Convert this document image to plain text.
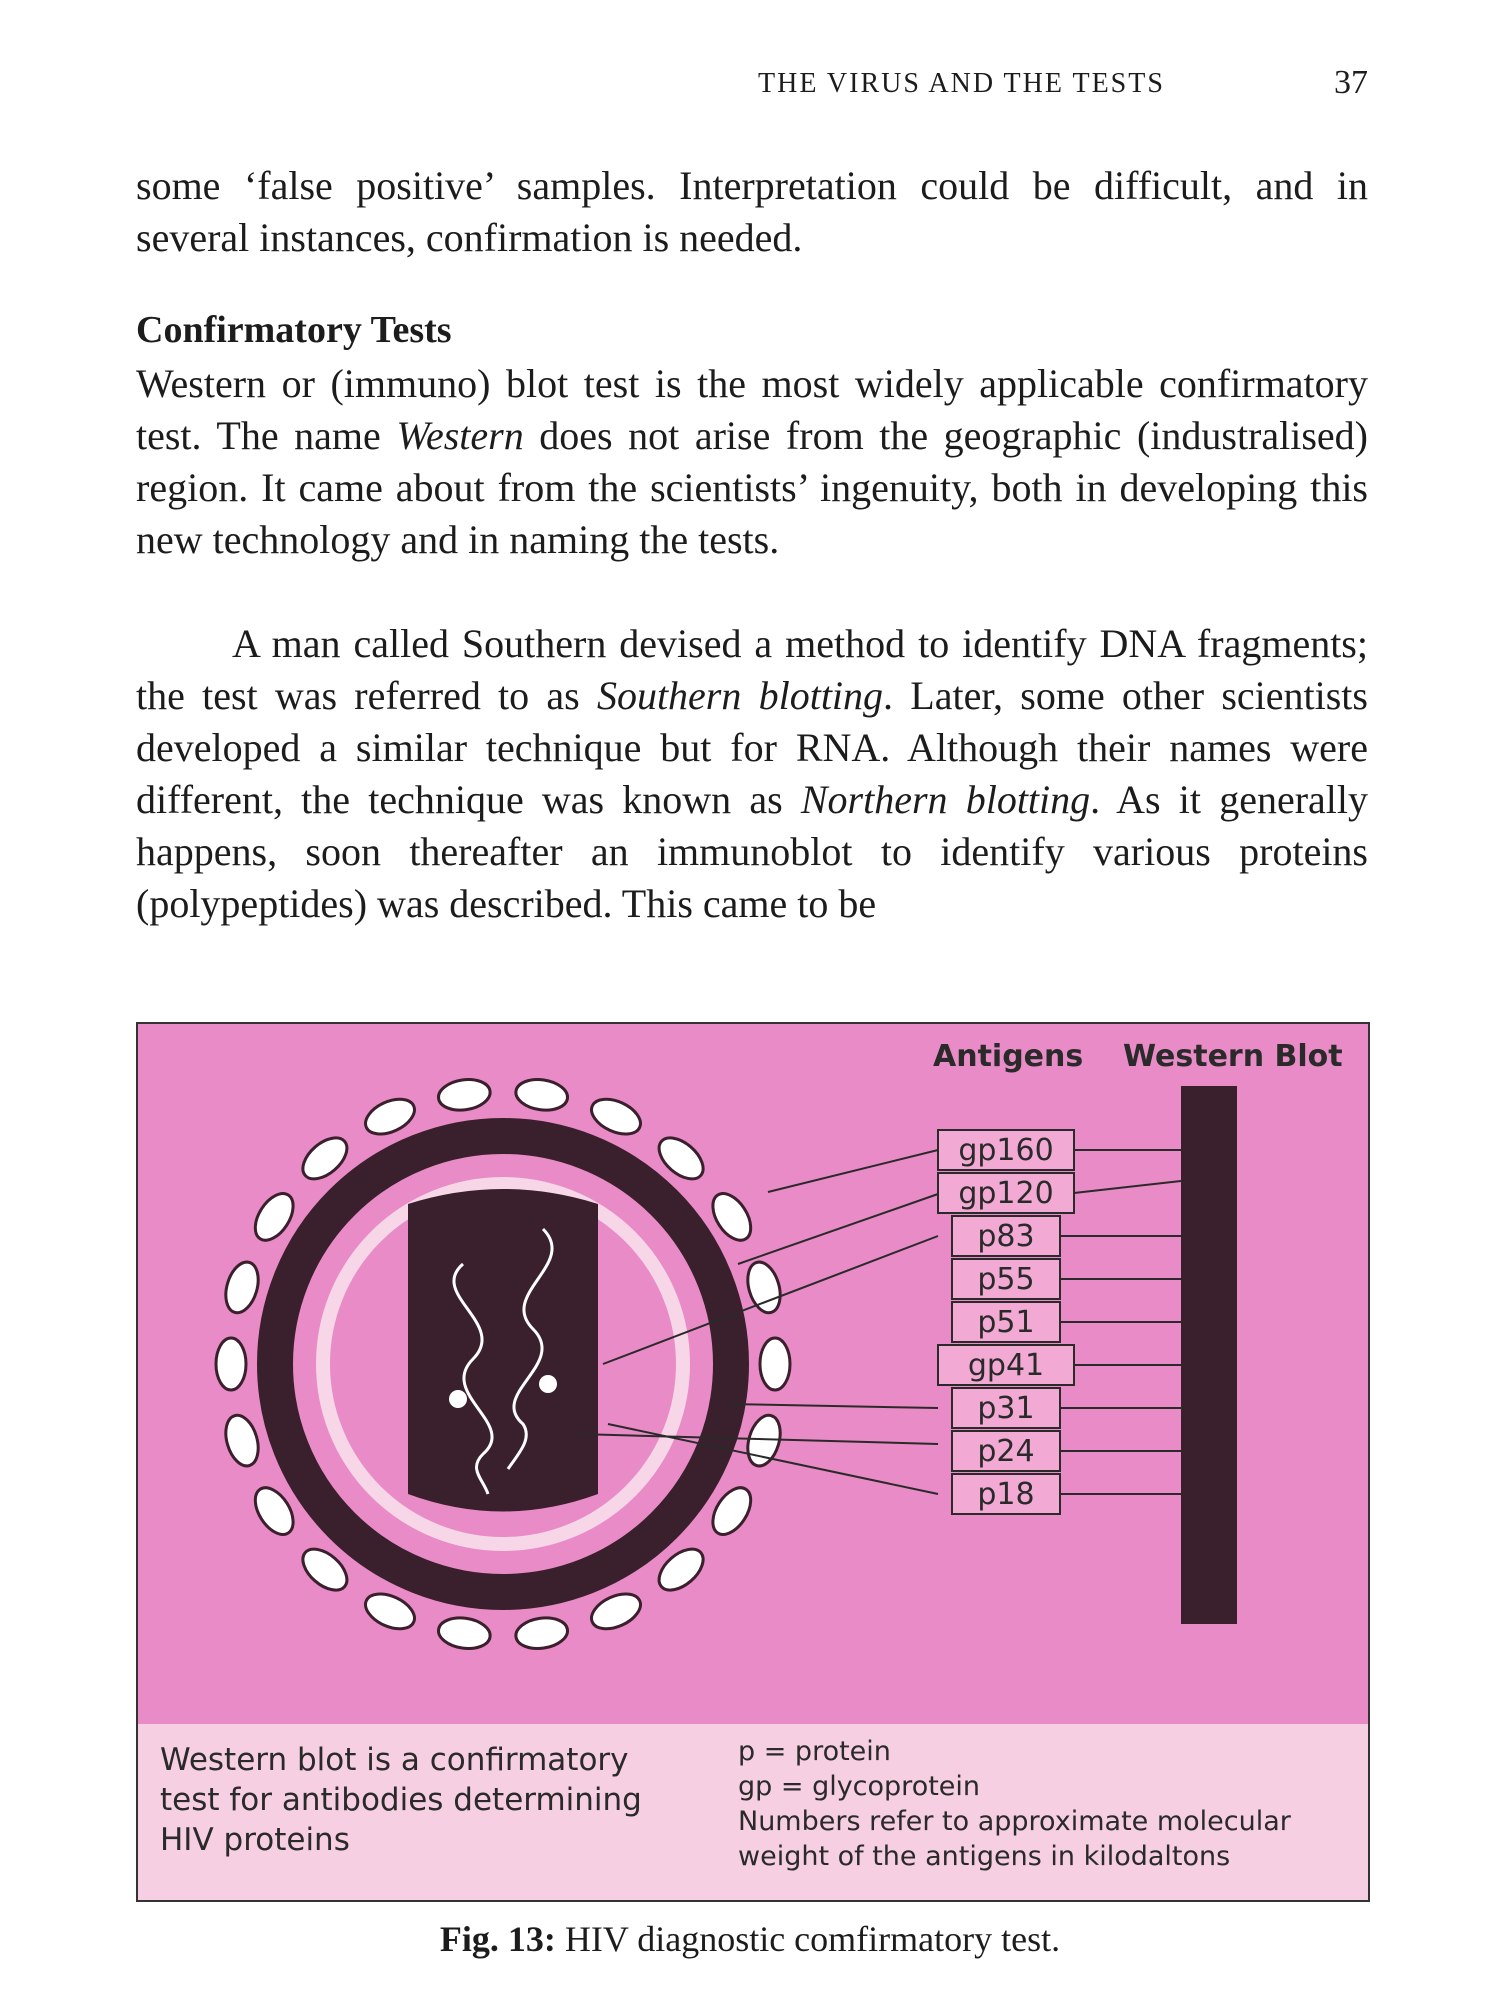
THE VIRUS AND THE TESTS	37
some ‘false positive’ samples. Interpretation could be difficult, and in several instances, confirmation is needed.
Confirmatory Tests
Western or (immuno) blot test is the most widely applicable confirmatory test. The name Western does not arise from the geographic (industralised) region. It came about from the scientists’ ingenuity, both in developing this new technology and in naming the tests.
A man called Southern devised a method to identify DNA fragments; the test was referred to as Southern blotting. Later, some other scientists developed a similar technique but for RNA. Although their names were different, the technique was known as Northern blotting. As it generally happens, soon thereafter an immunoblot to identify various proteins (polypeptides) was described. This came to be
Antigens Western Blot
gp160
gp120
p83
p55
p51
gp41
p31
p24
p18
Western blot is a confirmatory test for antibodies determining HIV proteins
p = protein
gp = glycoprotein
Numbers refer to approximate molecular weight of the antigens in kilodaltons
Fig. 13: HIV diagnostic comfirmatory test.
